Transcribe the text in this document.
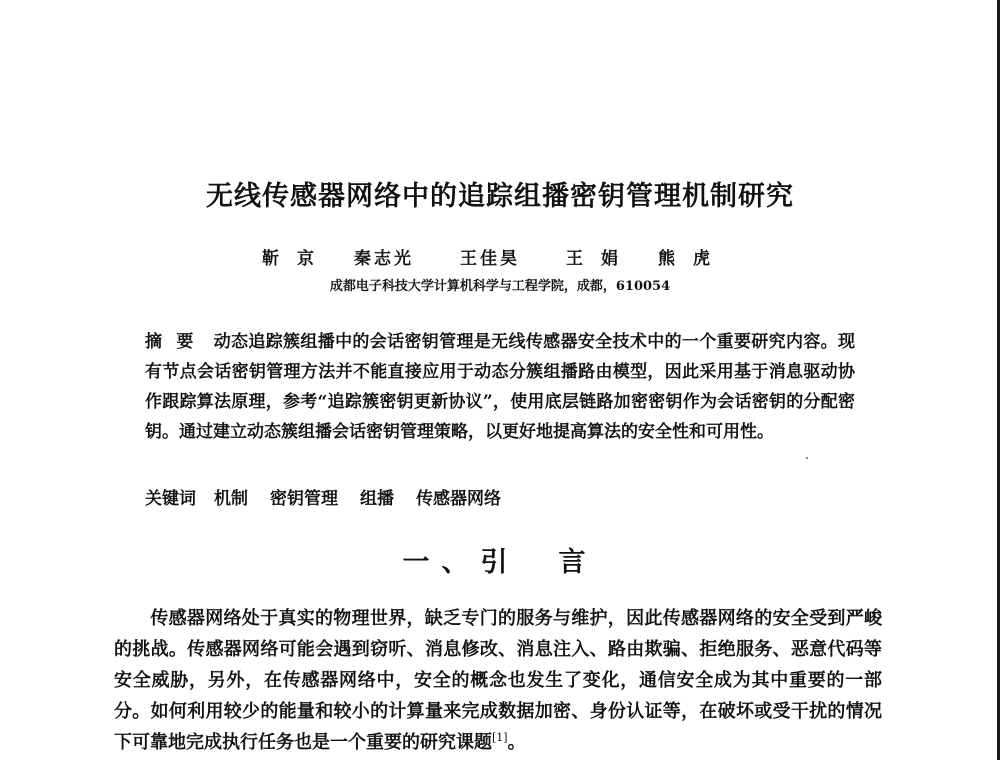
无线传感器网络中的追踪组播密钥管理机制研究
靳京 秦志光	王佳昊	王娟 熊虎
成都电子科技大学计算机科学与工程学院，成都，610054
摘要 动态追踪簇组播中的会话密钥管理是无线传感器安全技术中的一个重要研究内容。现有节点会话密钥管理方法并不能直接应用于动态分簇组播路由模型，因此采用基于消息驱动协作跟踪算法原理，参考“追踪簇密钥更新协议”，使用底层链路加密密钥作为会话密钥的分配密钥。通过建立动态簇组播会话密钥管理策略，以更好地提高算法的安全性和可用性。
关键词 机制 密钥管理 组播 传感器网络
一、引　言
传感器网络处于真实的物理世界，缺乏专门的服务与维护，因此传感器网络的安全受到严峻的挑战。传感器网络可能会遇到窃听、消息修改、消息注入、路由欺骗、拒绝服务、恶意代码等安全威胁，另外，在传感器网络中，安全的概念也发生了变化，通信安全成为其中重要的一部分。如何利用较少的能量和较小的计算量来完成数据加密、身份认证等，在破坏或受干扰的情况下可靠地完成执行任务也是一个重要的研究课题[1]。
